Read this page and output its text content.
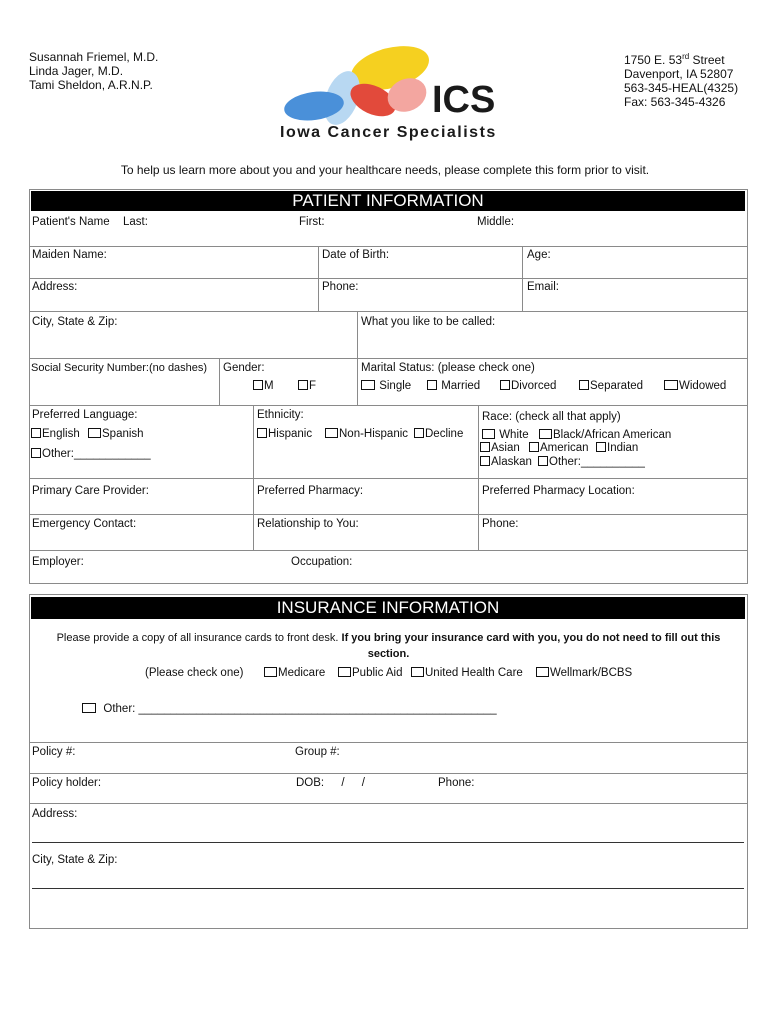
Susannah Friemel, M.D.
Linda Jager, M.D.
Tami Sheldon, A.R.N.P.
1750 E. 53rd Street
Davenport, IA 52807
563-345-HEAL(4325)
Fax: 563-345-4326
ICS
Iowa Cancer Specialists
To help us learn more about you and your healthcare needs, please complete this form prior to visit.
PATIENT INFORMATION
Patient's Name Last:	First:	Middle:
Maiden Name:	Date of Birth:	Age:
Address:	Phone:	Email:
City, State & Zip:	What you like to be called:
Social Security Number:(no dashes) Gender:
M	F
Marital Status: (please check one)
Single	Married	Divorced	Separated	Widowed
Preferred Language:
English	Spanish
Other:____________
Ethnicity:
Hispanic	Non-Hispanic	Decline
Race: (check all that apply)
White	Black/African American
Asian	American	Indian
Alaskan	Other:__________
Primary Care Provider:	Preferred Pharmacy:	Preferred Pharmacy Location:
Emergency Contact:	Relationship to You:	Phone:
Employer:	Occupation:
INSURANCE INFORMATION
Please provide a copy of all insurance cards to front desk. If you bring your insurance card with you, you do not need to fill out this
section.
(Please check one)	Medicare	Public Aid	United Health Care	Wellmark/BCBS
Other: ________________________________________________________
Policy #:	Group #:
Policy holder:	DOB: / /	Phone:
Address:
City, State & Zip:
